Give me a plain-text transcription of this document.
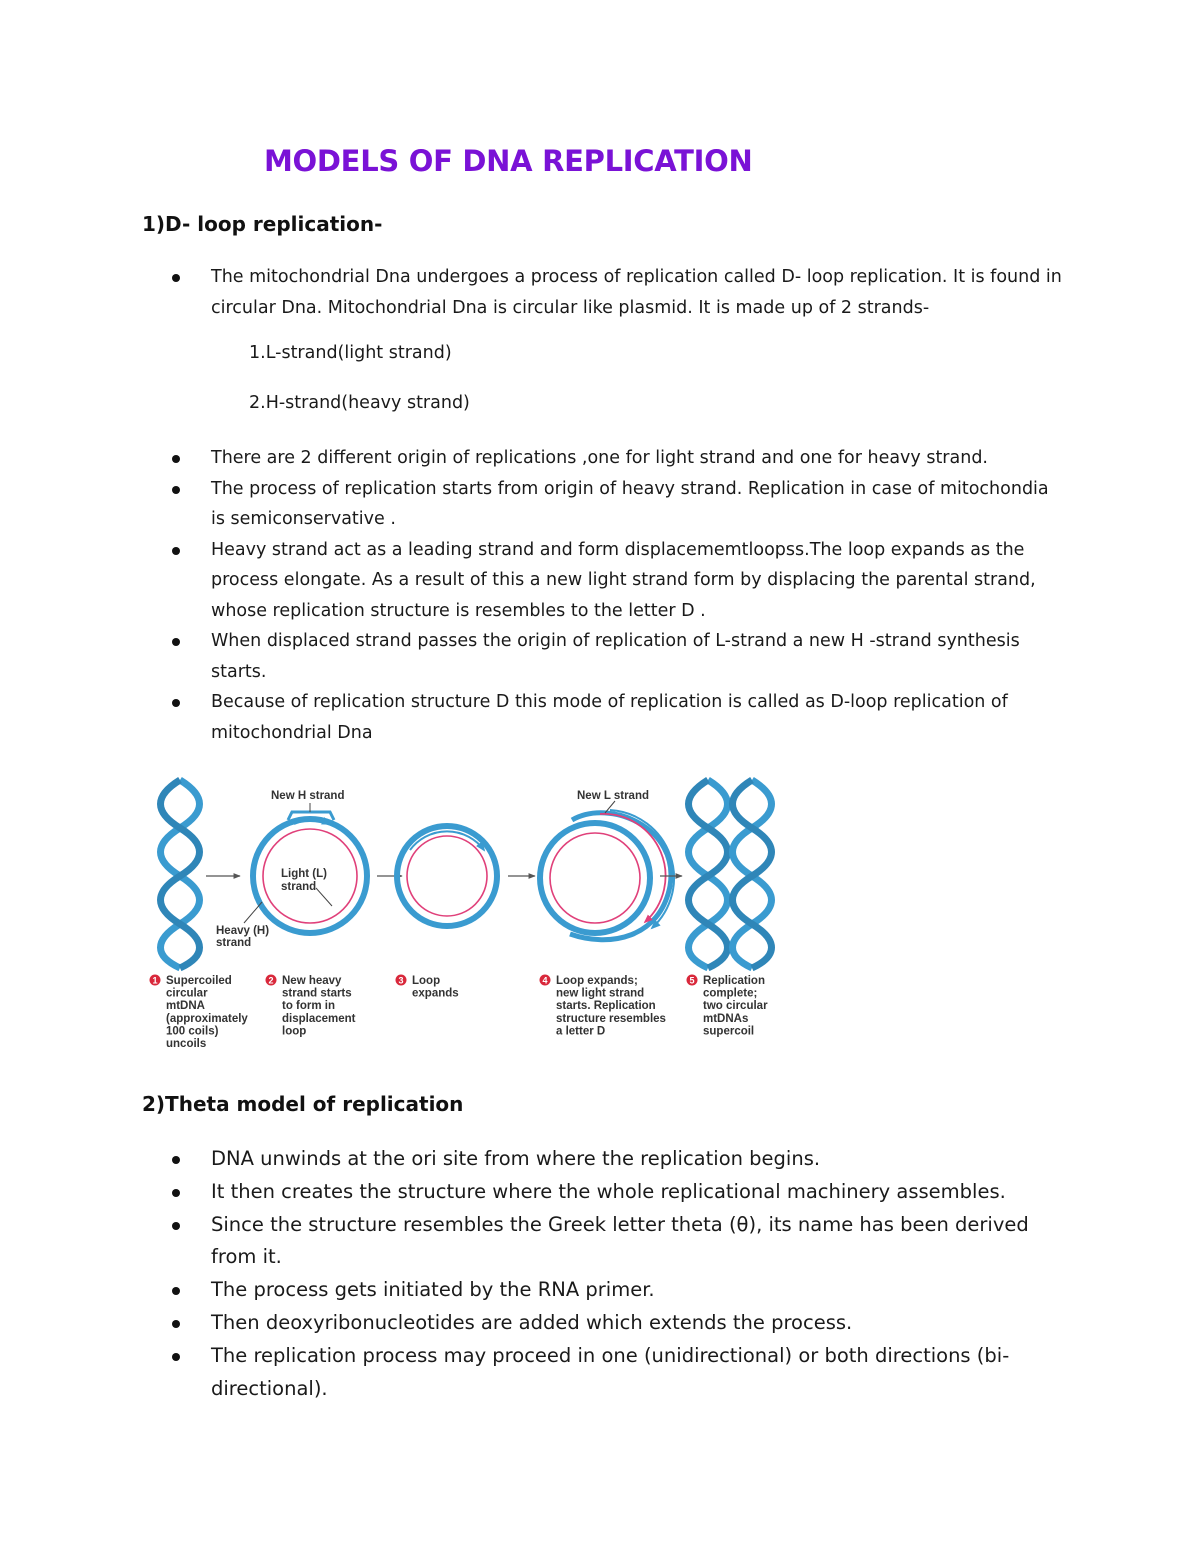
MODELS OF DNA REPLICATION
1)D- loop replication-
The mitochondrial Dna undergoes a process of replication called D- loop replication. It is found in circular Dna. Mitochondrial Dna is circular like plasmid. It is made up of 2 strands-
1.L-strand(light strand)
2.H-strand(heavy strand)
There are 2 different origin of replications ,one for light strand and one for heavy strand.
The process of replication starts from origin of heavy strand. Replication in case of mitochondia is semiconservative .
Heavy strand act as a leading strand and form displacememtloopss.The loop expands as the process elongate. As a result of this a new light strand form by displacing the parental strand, whose replication structure is resembles to the letter D .
When displaced strand passes the origin of replication of L-strand a new H -strand synthesis starts.
Because of replication structure D this mode of replication is called as D-loop replication of mitochondrial Dna
New H strand
Light (L)
strand
Heavy (H)
strand
New L strand
1 Supercoiled
circular
mtDNA
(approximately
100 coils)
uncoils
2 New heavy
strand starts
to form in
displacement
loop
3 Loop
expands
4 Loop expands;
new light strand
starts. Replication
structure resembles
a letter D
5 Replication
complete;
two circular
mtDNAs
supercoil
2)Theta model of replication
DNA unwinds at the ori site from where the replication begins.
It then creates the structure where the whole replicational machinery assembles.
Since the structure resembles the Greek letter theta (θ), its name has been derived from it.
The process gets initiated by the RNA primer.
Then deoxyribonucleotides are added which extends the process.
The replication process may proceed in one (unidirectional) or both directions (bi-directional).
